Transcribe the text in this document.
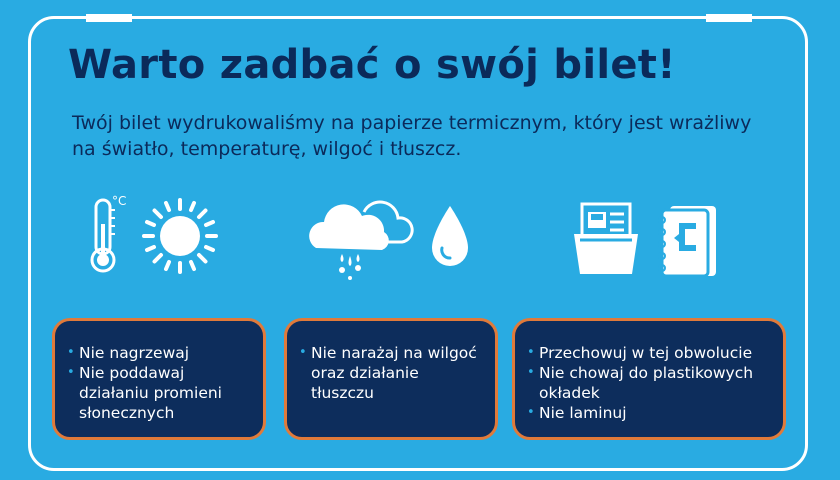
Warto zadbać o swój bilet!

Twój bilet wydrukowaliśmy na papierze termicznym, który jest wrażliwy na światło, temperaturę, wilgoć i tłuszcz.

°C
• Nie nagrzewaj
• Nie poddawaj działaniu promieni słonecznych
• Nie narażaj na wilgoć oraz działanie tłuszczu
• Przechowuj w tej obwolucie
• Nie chowaj do plastikowych okładek
• Nie laminuj
